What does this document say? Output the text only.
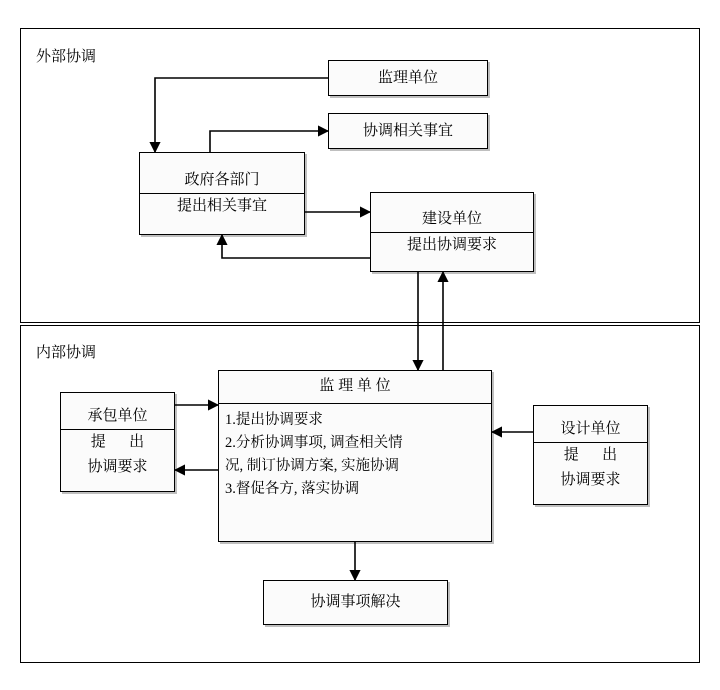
外部协调
内部协调
监理单位
协调相关事宜
政府各部门
提出相关事宜
建设单位
提出协调要求
监 理 单 位
1.提出协调要求
2.分析协调事项, 调查相关情
况, 制订协调方案, 实施协调
3.督促各方, 落实协调
承包单位
提　出
协调要求
设计单位
提　出
协调要求
协调事项解决
